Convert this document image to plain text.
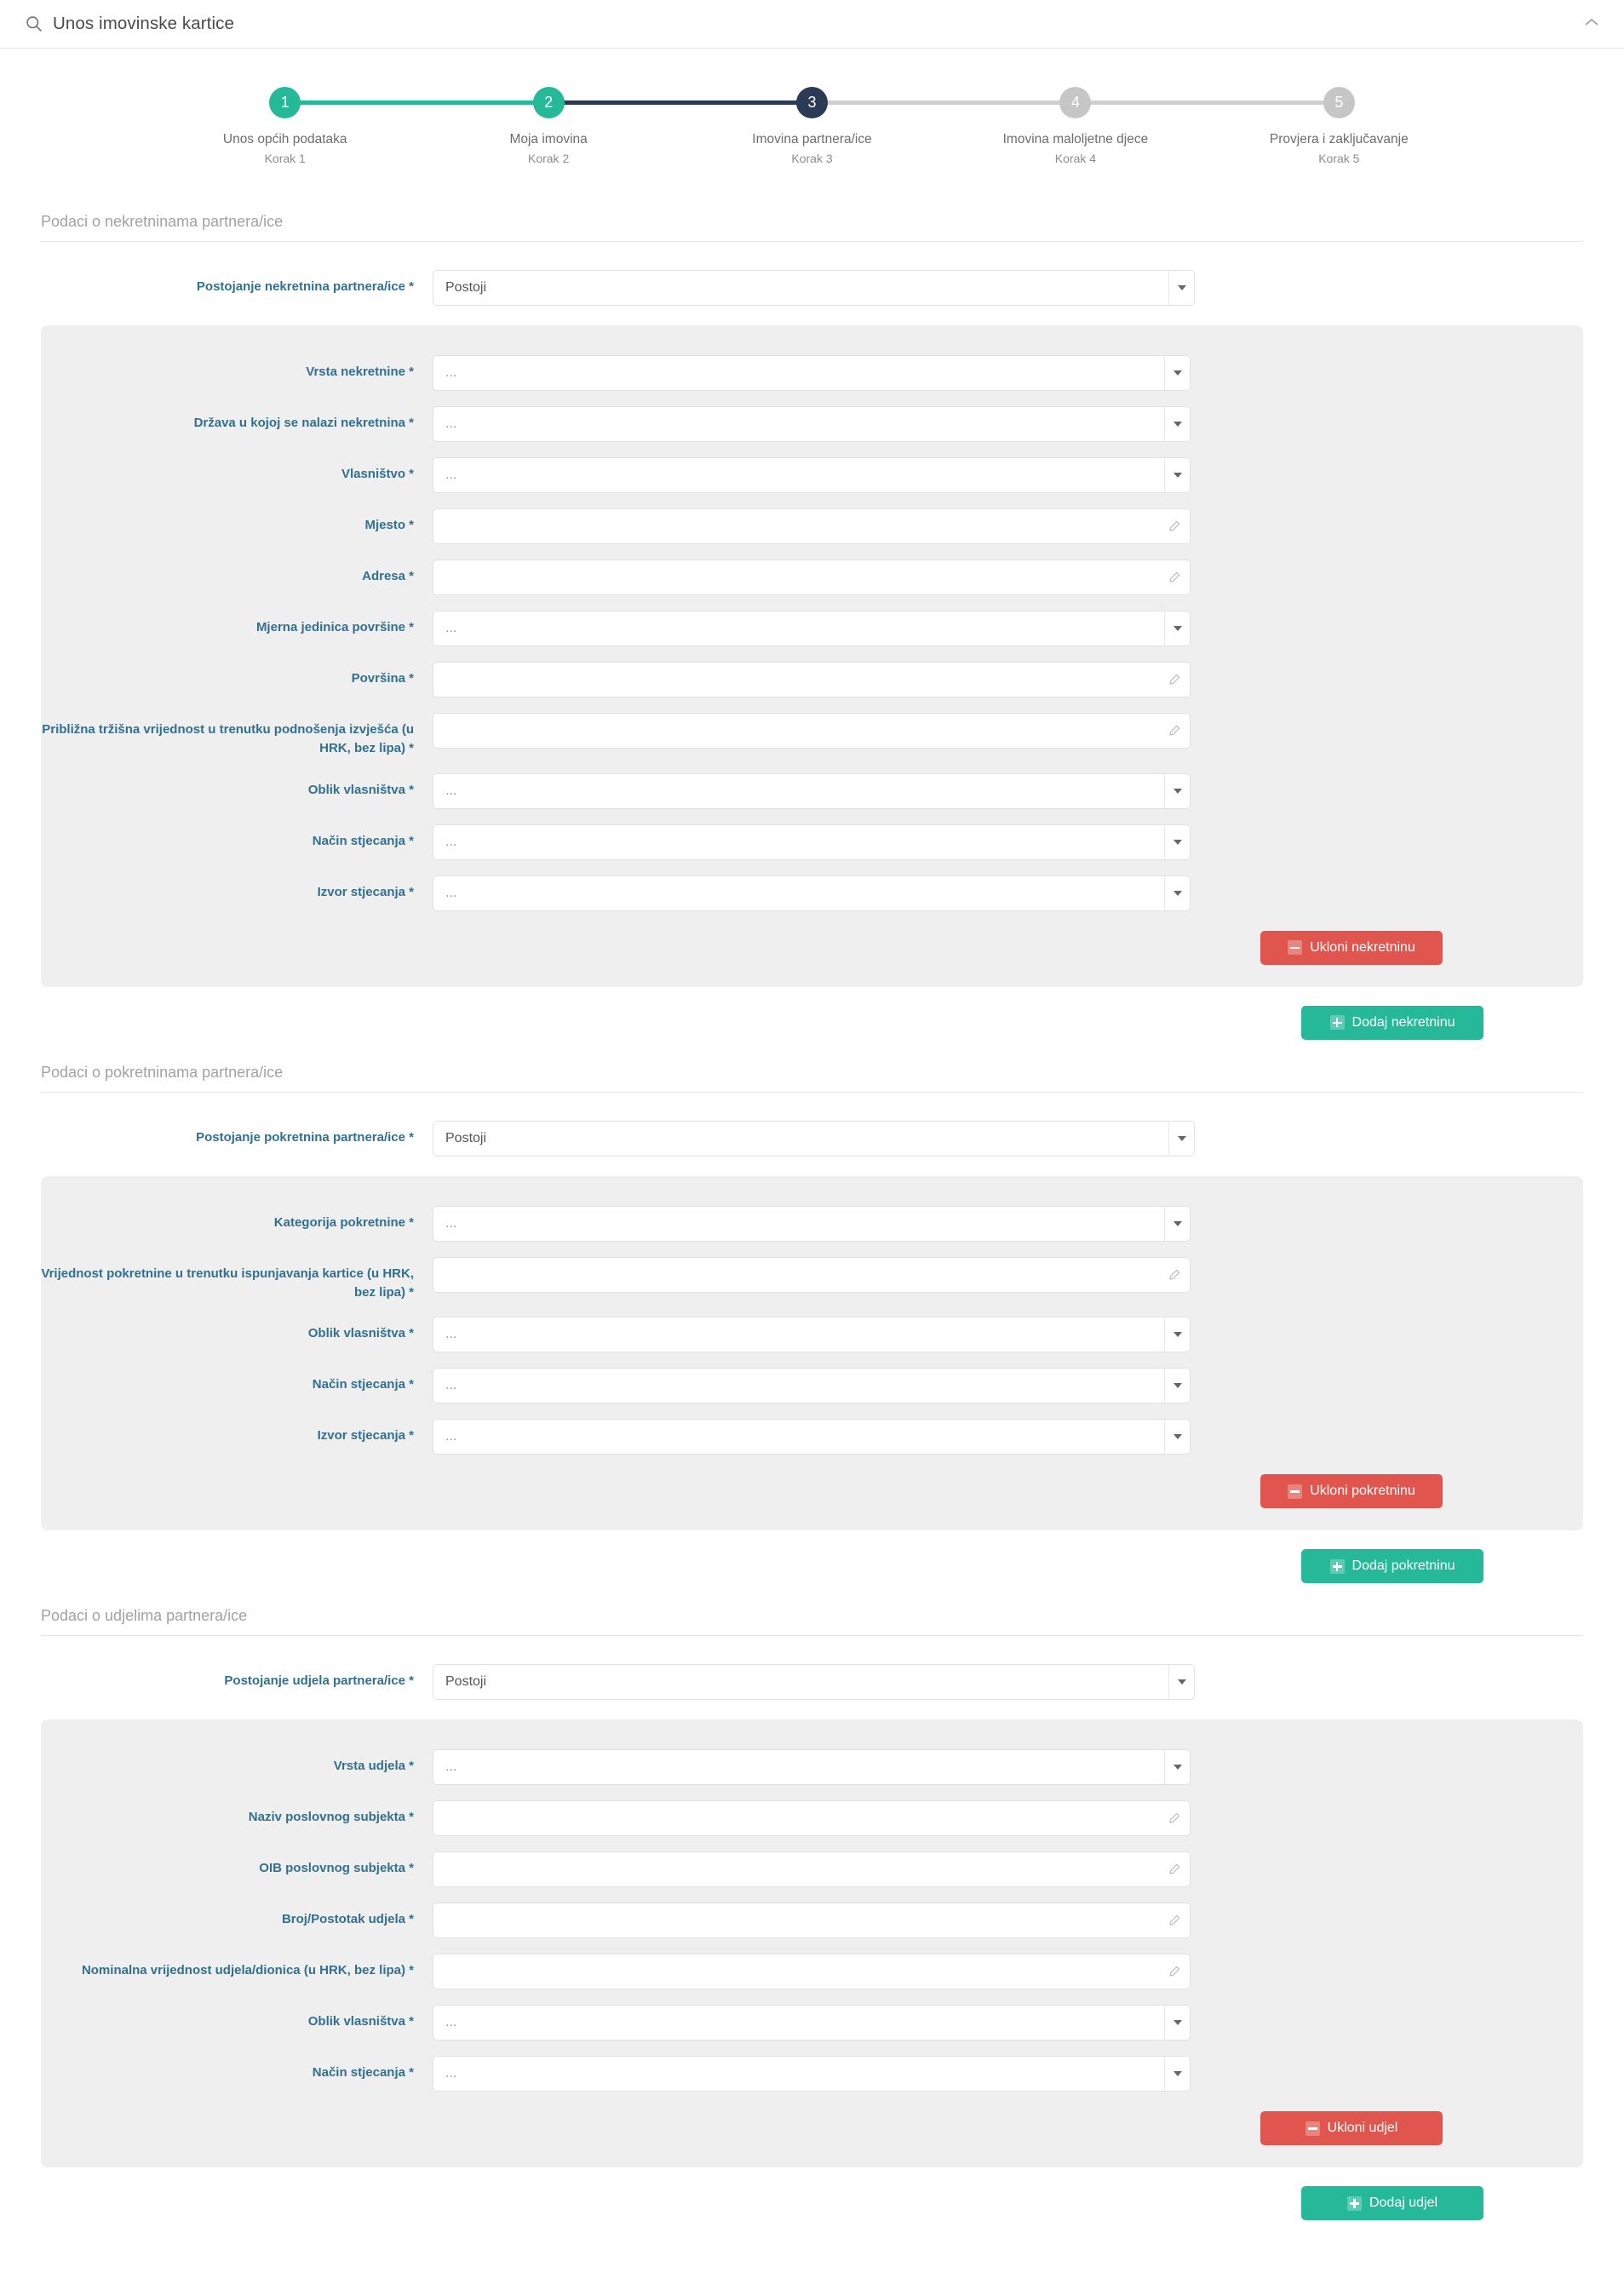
Unos imovinske kartice
1
Unos općih podataka
Korak 1
2
Moja imovina
Korak 2
3
Imovina partnera/ice
Korak 3
4
Imovina maloljetne djece
Korak 4
5
Provjera i zaključavanje
Korak 5
Podaci o nekretninama partnera/ice
Postojanje nekretnina partnera/ice *	Postoji
Vrsta nekretnine *	...
Država u kojoj se nalazi nekretnina *	...
Vlasništvo *	...
Mjesto *
Adresa *
Mjerna jedinica površine *	...
Površina *
Približna tržišna vrijednost u trenutku podnošenja izvješća (u HRK, bez lipa) *
Oblik vlasništva *	...
Način stjecanja *	...
Izvor stjecanja *	...
Ukloni nekretninu
Dodaj nekretninu
Podaci o pokretninama partnera/ice
Postojanje pokretnina partnera/ice *	Postoji
Kategorija pokretnine *	...
Vrijednost pokretnine u trenutku ispunjavanja kartice (u HRK, bez lipa) *
Oblik vlasništva *	...
Način stjecanja *	...
Izvor stjecanja *	...
Ukloni pokretninu
Dodaj pokretninu
Podaci o udjelima partnera/ice
Postojanje udjela partnera/ice *	Postoji
Vrsta udjela *	...
Naziv poslovnog subjekta *
OIB poslovnog subjekta *
Broj/Postotak udjela *
Nominalna vrijednost udjela/dionica (u HRK, bez lipa) *
Oblik vlasništva *	...
Način stjecanja *	...
Ukloni udjel
Dodaj udjel
